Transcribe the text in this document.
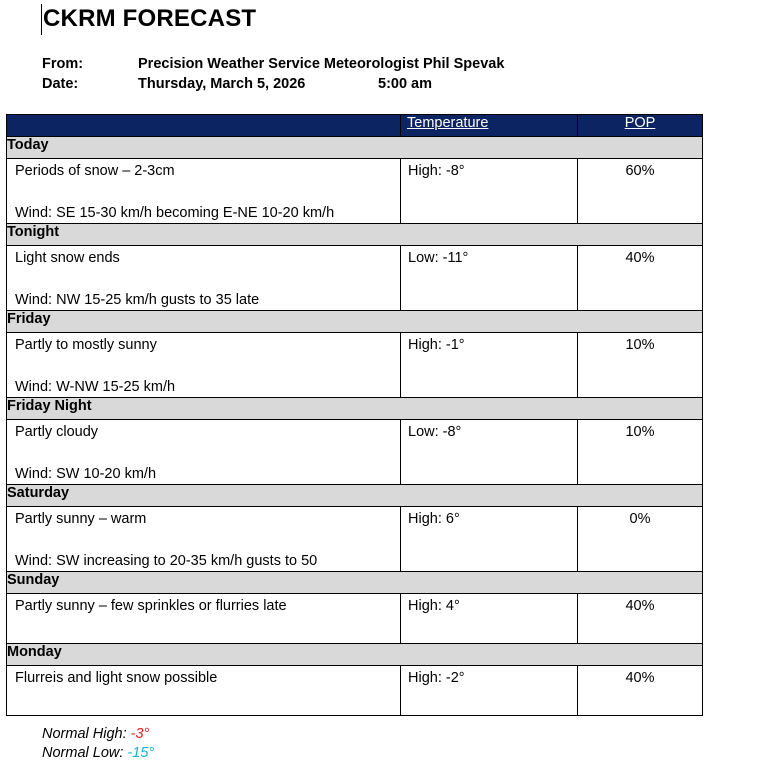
CKRM FORECAST
From:	Precision Weather Service Meteorologist Phil Spevak
Date:	Thursday, March 5, 2026	5:00 am
	Temperature	POP
Today		
Periods of snow – 2-3cm
Wind: SE 15-30 km/h becoming E-NE 10-20 km/h	High: -8°	60%
Tonight		
Light snow ends
Wind: NW 15-25 km/h gusts to 35 late	Low: -11°	40%
Friday		
Partly to mostly sunny
Wind: W-NW 15-25 km/h	High: -1°	10%
Friday Night		
Partly cloudy
Wind: SW 10-20 km/h	Low: -8°	10%
Saturday		
Partly sunny – warm
Wind: SW increasing to 20-35 km/h gusts to 50	High: 6°	0%
Sunday		
Partly sunny – few sprinkles or flurries late	High: 4°	40%
Monday		
Flurreis and light snow possible	High: -2°	40%
Normal High: -3°
Normal Low: -15°
